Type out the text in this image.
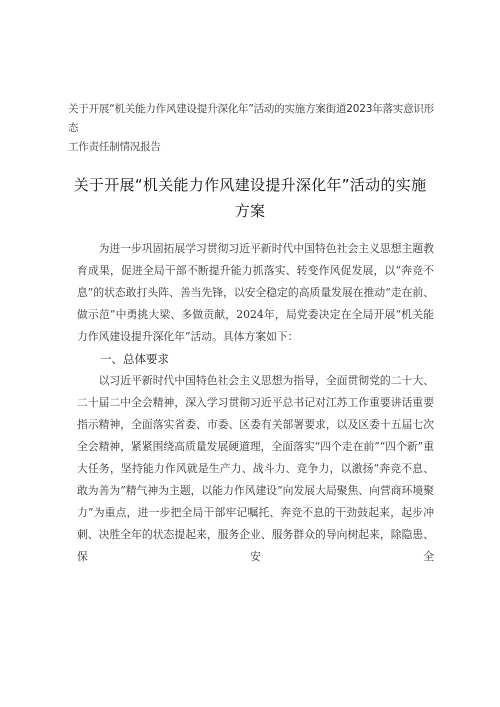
关于开展“机关能力作风建设提升深化年”活动的实施方案街道2023年落实意识形态
工作责任制情况报告
关于开展“机关能力作风建设提升深化年”活动的实施
方案

为进一步巩固拓展学习贯彻习近平新时代中国特色社会主义思想主题教育成果，促进全局干部不断提升能力抓落实、转变作风促发展，以“奔竞不息”的状态敢打头阵、善当先锋，以安全稳定的高质量发展在推动“走在前、做示范”中勇挑大梁、多做贡献，2024年，局党委决定在全局开展“机关能力作风建设提升深化年”活动。具体方案如下：

一、总体要求

以习近平新时代中国特色社会主义思想为指导，全面贯彻党的二十大、二十届二中全会精神，深入学习贯彻习近平总书记对江苏工作重要讲话重要指示精神，全面落实省委、市委、区委有关部署要求，以及区委十五届七次全会精神，紧紧围绕高质量发展硬道理，全面落实“四个走在前”“四个新”重大任务，坚持能力作风就是生产力、战斗力、竞争力，以激扬“奔竞不息、敢为善为”精气神为主题，以能力作风建设“向发展大局聚焦、向营商环境聚力”为重点，进一步把全局干部牢记嘱托、奔竞不息的干劲鼓起来，起步冲刺、决胜全年的状态提起来，服务企业、服务群众的导向树起来，除隐患、保安全
